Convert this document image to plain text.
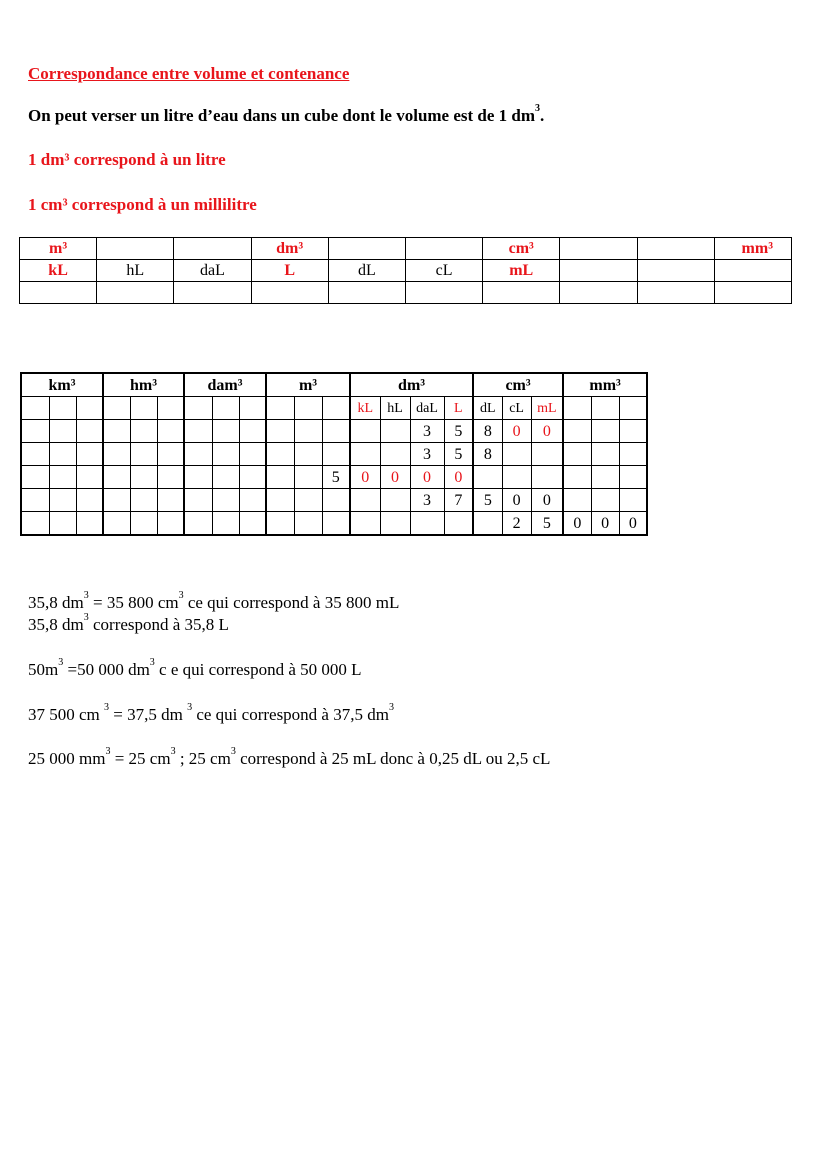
Correspondance entre volume et contenance
On peut verser un litre d’eau dans un cube dont le volume est de 1 $dm^3$.
1 dm³ correspond à un litre
1 cm³ correspond à un millilitre
m³			dm³			cm³			mm³
kL	hL	daL	L	dL	cL	mL			

km³			hm³			dam³			m³			dm³				cm³			mm³		
												kL	hL	daL	L	dL	cL	mL			
														3	5	8	0	0			
														3	5	8					
											5	0	0	0	0						
														3	7	5	0	0			
																	2	5	0	0	0
35,8 $dm^3 = 35$ 800 $cm^3$ ce qui correspond à 35 800 mL
35,8 $dm^3$ correspond à 35,8 L
$50m^3 =50$ 000 $dm^3$ c e qui correspond à 50 000 L
37 500 cm $^3$ = 37,5 dm $^3$ ce qui correspond à 37,5 $dm^3$
25 000 $mm^3 = 25$ $cm^3$ ; 25 $cm^3$ correspond à 25 mL donc à 0,25 dL ou 2,5 cL
